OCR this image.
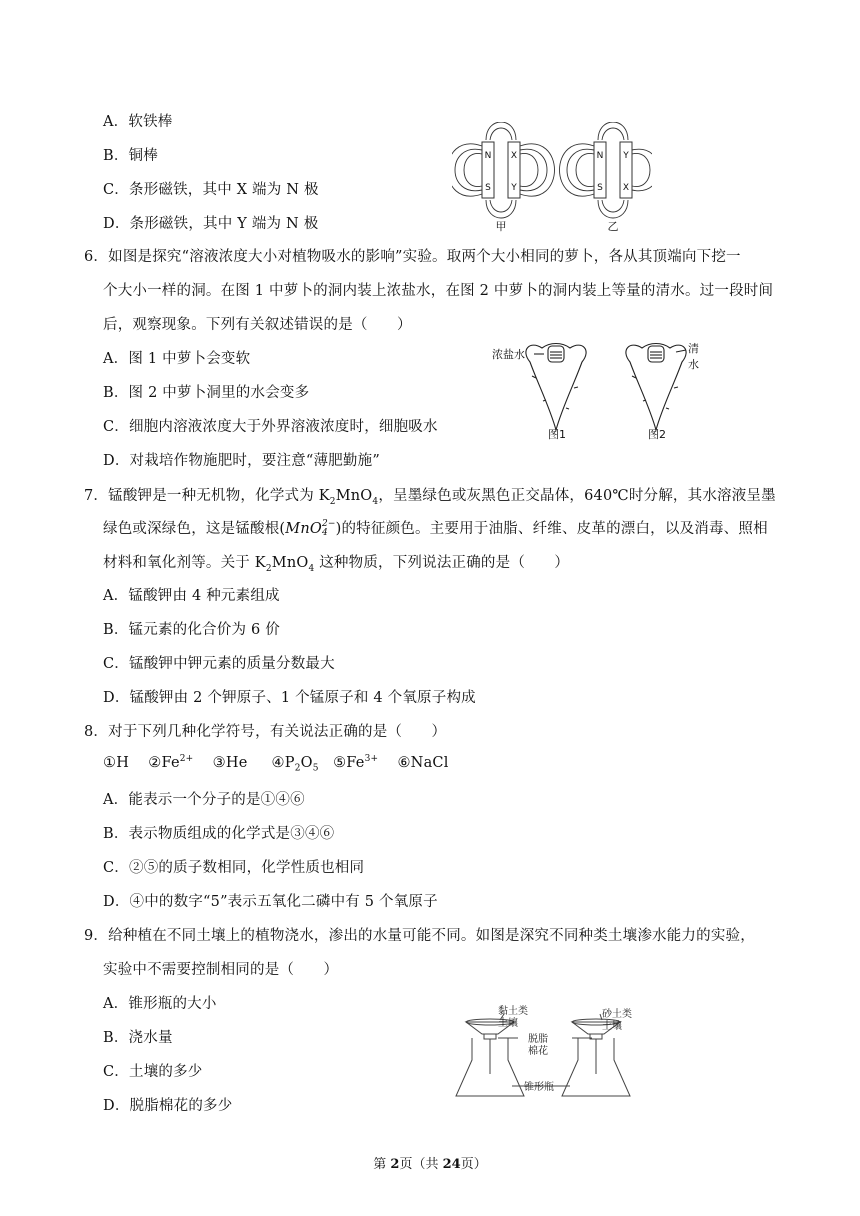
A．软铁棒
B．铜棒
C．条形磁铁，其中 X 端为 N 极
D．条形磁铁，其中 Y 端为 N 极
N
S
X
Y
N
S
Y
X
甲	乙
6．如图是探究“溶液浓度大小对植物吸水的影响”实验。取两个大小相同的萝卜，各从其顶端向下挖一
个大小一样的洞。在图 1 中萝卜的洞内装上浓盐水，在图 2 中萝卜的洞内装上等量的清水。过一段时间
后，观察现象。下列有关叙述错误的是（　　）
A．图 1 中萝卜会变软
B．图 2 中萝卜洞里的水会变多
C．细胞内溶液浓度大于外界溶液浓度时，细胞吸水
D．对栽培作物施肥时，要注意“薄肥勤施”
浓盐水	清
水
图1	图2
7．锰酸钾是一种无机物，化学式为 $K_2MnO_4$，呈墨绿色或灰黑色正交晶体，640℃时分解，其水溶液呈墨
绿色或深绿色，这是锰酸根(MnO 2−
4 )的特征颜色。主要用于油脂、纤维、皮革的漂白，以及消毒、照相
材料和氧化剂等。关于 $K_2MnO_4$ 这种物质，下列说法正确的是（　　）
A．锰酸钾由 4 种元素组成
B．锰元素的化合价为 6 价
C．锰酸钾中钾元素的质量分数最大
D．锰酸钾由 2 个钾原子、1 个锰原子和 4 个氧原子构成
8．对于下列几种化学符号，有关说法正确的是（　　）
①H $②Fe^{2+}$ ③He $④P_2O_5$ $⑤Fe^{3+}$ ⑥NaCl
A．能表示一个分子的是①④⑥
B．表示物质组成的化学式是③④⑥
C．②⑤的质子数相同，化学性质也相同
D．④中的数字“5”表示五氧化二磷中有 5 个氧原子
9．给种植在不同土壤上的植物浇水，渗出的水量可能不同。如图是深究不同种类土壤渗水能力的实验，
实验中不需要控制相同的是（　　）
A．锥形瓶的大小
B．浇水量
C．土壤的多少
D．脱脂棉花的多少
黏土类
土壤
砂土类
土壤
脱脂
棉花
锥形瓶
第 2页（共 24页）
